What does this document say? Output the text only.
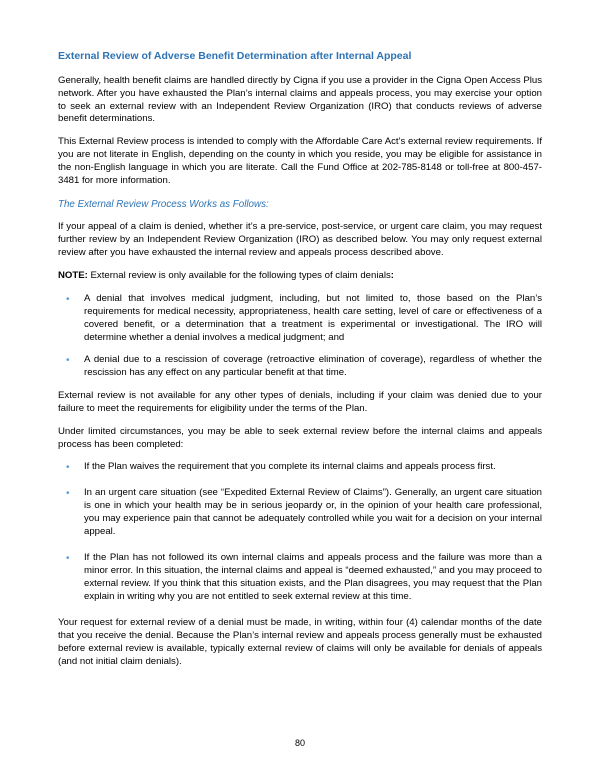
External Review of Adverse Benefit Determination after Internal Appeal

Generally, health benefit claims are handled directly by Cigna if you use a provider in the Cigna Open Access Plus network. After you have exhausted the Plan’s internal claims and appeals process, you may exercise your option to seek an external review with an Independent Review Organization (IRO) that conducts reviews of adverse benefit determinations.

This External Review process is intended to comply with the Affordable Care Act’s external review requirements. If you are not literate in English, depending on the county in which you reside, you may be eligible for assistance in the non-English language in which you are literate. Call the Fund Office at 202-785-8148 or toll-free at 800-457-3481 for more information.

The External Review Process Works as Follows:

If your appeal of a claim is denied, whether it’s a pre-service, post-service, or urgent care claim, you may request further review by an Independent Review Organization (IRO) as described below. You may only request external review after you have exhausted the internal review and appeals process described above.

NOTE: External review is only available for the following types of claim denials:

• A denial that involves medical judgment, including, but not limited to, those based on the Plan’s requirements for medical necessity, appropriateness, health care setting, level of care or effectiveness of a covered benefit, or a determination that a treatment is experimental or investigational. The IRO will determine whether a denial involves a medical judgment; and
• A denial due to a rescission of coverage (retroactive elimination of coverage), regardless of whether the rescission has any effect on any particular benefit at that time.

External review is not available for any other types of denials, including if your claim was denied due to your failure to meet the requirements for eligibility under the terms of the Plan.

Under limited circumstances, you may be able to seek external review before the internal claims and appeals process has been completed:

• If the Plan waives the requirement that you complete its internal claims and appeals process first.
• In an urgent care situation (see “Expedited External Review of Claims”). Generally, an urgent care situation is one in which your health may be in serious jeopardy or, in the opinion of your health care professional, you may experience pain that cannot be adequately controlled while you wait for a decision on your internal appeal.
• If the Plan has not followed its own internal claims and appeals process and the failure was more than a minor error. In this situation, the internal claims and appeal is “deemed exhausted,” and you may proceed to external review. If you think that this situation exists, and the Plan disagrees, you may request that the Plan explain in writing why you are not entitled to seek external review at this time.

Your request for external review of a denial must be made, in writing, within four (4) calendar months of the date that you receive the denial. Because the Plan’s internal review and appeals process generally must be exhausted before external review is available, typically external review of claims will only be available for denials of appeals (and not initial claim denials).

80
